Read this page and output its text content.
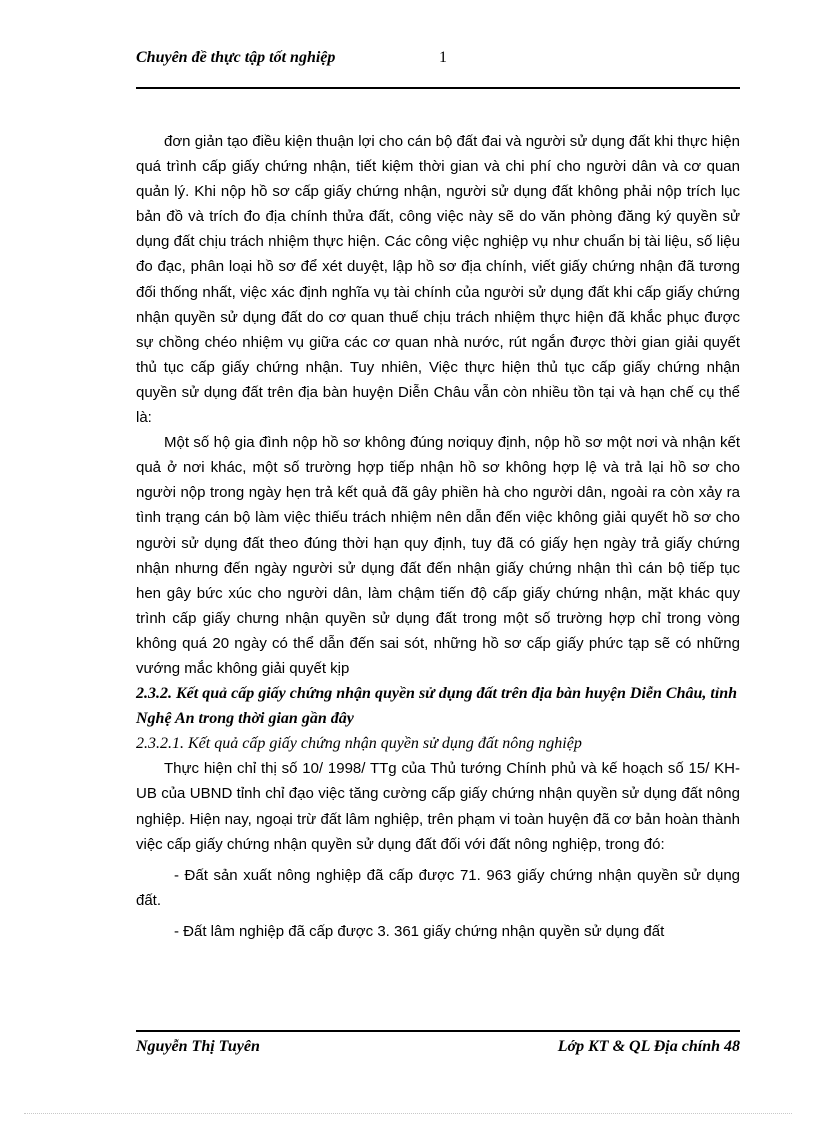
Chuyên đề thực tập tốt nghiệp	1

đơn giản tạo điều kiện thuận lợi cho cán bộ đất đai và người sử dụng đất khi thực hiện quá trình cấp giấy chứng nhận, tiết kiệm thời gian và chi phí cho người dân và cơ quan quản lý. Khi nộp hồ sơ cấp giấy chứng nhận, người sử dụng đất không phải nộp trích lục bản đồ và trích đo địa chính thửa đất, công việc này sẽ do văn phòng đăng ký quyền sử dụng đất chịu trách nhiệm thực hiện. Các công việc nghiệp vụ như chuẩn bị tài liệu, số liệu đo đạc, phân loại hồ sơ để xét duyệt, lập hồ sơ địa chính, viết giấy chứng nhận đã tương đối thống nhất, việc xác định nghĩa vụ tài chính của người sử dụng đất khi cấp giấy chứng nhận quyền sử dụng đất do cơ quan thuế chịu trách nhiệm thực hiện đã khắc phục được sự chồng chéo nhiệm vụ giữa các cơ quan nhà nước, rút ngắn được thời gian giải quyết thủ tục cấp giấy chứng nhận. Tuy nhiên, Việc thực hiện thủ tục cấp giấy chứng nhận quyền sử dụng đất trên địa bàn huyện Diễn Châu vẫn còn nhiều tồn tại và hạn chế cụ thể là:

Một số hộ gia đình nộp hồ sơ không đúng nơiquy định, nộp hồ sơ một nơi và nhận kết quả ở nơi khác, một số trường hợp tiếp nhận hồ sơ không hợp lệ và trả lại hồ sơ cho người nộp trong ngày hẹn trả kết quả đã gây phiền hà cho người dân, ngoài ra còn xảy ra tình trạng cán bộ làm việc thiếu trách nhiệm nên dẫn đến việc không giải quyết hồ sơ cho người sử dụng đất theo đúng thời hạn quy định, tuy đã có giấy hẹn ngày trả giấy chứng nhận nhưng đến ngày người sử dụng đất đến nhận giấy chứng nhận thì cán bộ tiếp tục hen gây bức xúc cho người dân, làm chậm tiến độ cấp giấy chứng nhận, mặt khác quy trình cấp giấy chưng nhận quyền sử dụng đất trong một số trường hợp chỉ trong vòng không quá 20 ngày có thể dẫn đến sai sót, những hồ sơ cấp giấy phức tạp sẽ có những vướng mắc không giải quyết kịp

2.3.2. Kết quả cấp giấy chứng nhận quyền sử dụng đất trên địa bàn huyện Diễn Châu, tỉnh Nghệ An trong thời gian gần đây

2.3.2.1. Kết quả cấp giấy chứng nhận quyền sử dụng đất nông nghiệp

Thực hiện chỉ thị số 10/ 1998/ TTg của Thủ tướng Chính phủ và kế hoạch số 15/ KH-UB của UBND tỉnh chỉ đạo việc tăng cường cấp giấy chứng nhận quyền sử dụng đất nông nghiệp. Hiện nay, ngoại trừ đất lâm nghiệp, trên phạm vi toàn huyện đã cơ bản hoàn thành việc cấp giấy chứng nhận quyền sử dụng đất đối với đất nông nghiệp, trong đó:

- Đất sản xuất nông nghiệp đã cấp được 71. 963 giấy chứng nhận quyền sử dụng đất.

- Đất lâm nghiệp đã cấp được 3. 361 giấy chứng nhận quyền sử dụng đất

Nguyễn Thị Tuyên	Lớp KT & QL Địa chính 48
